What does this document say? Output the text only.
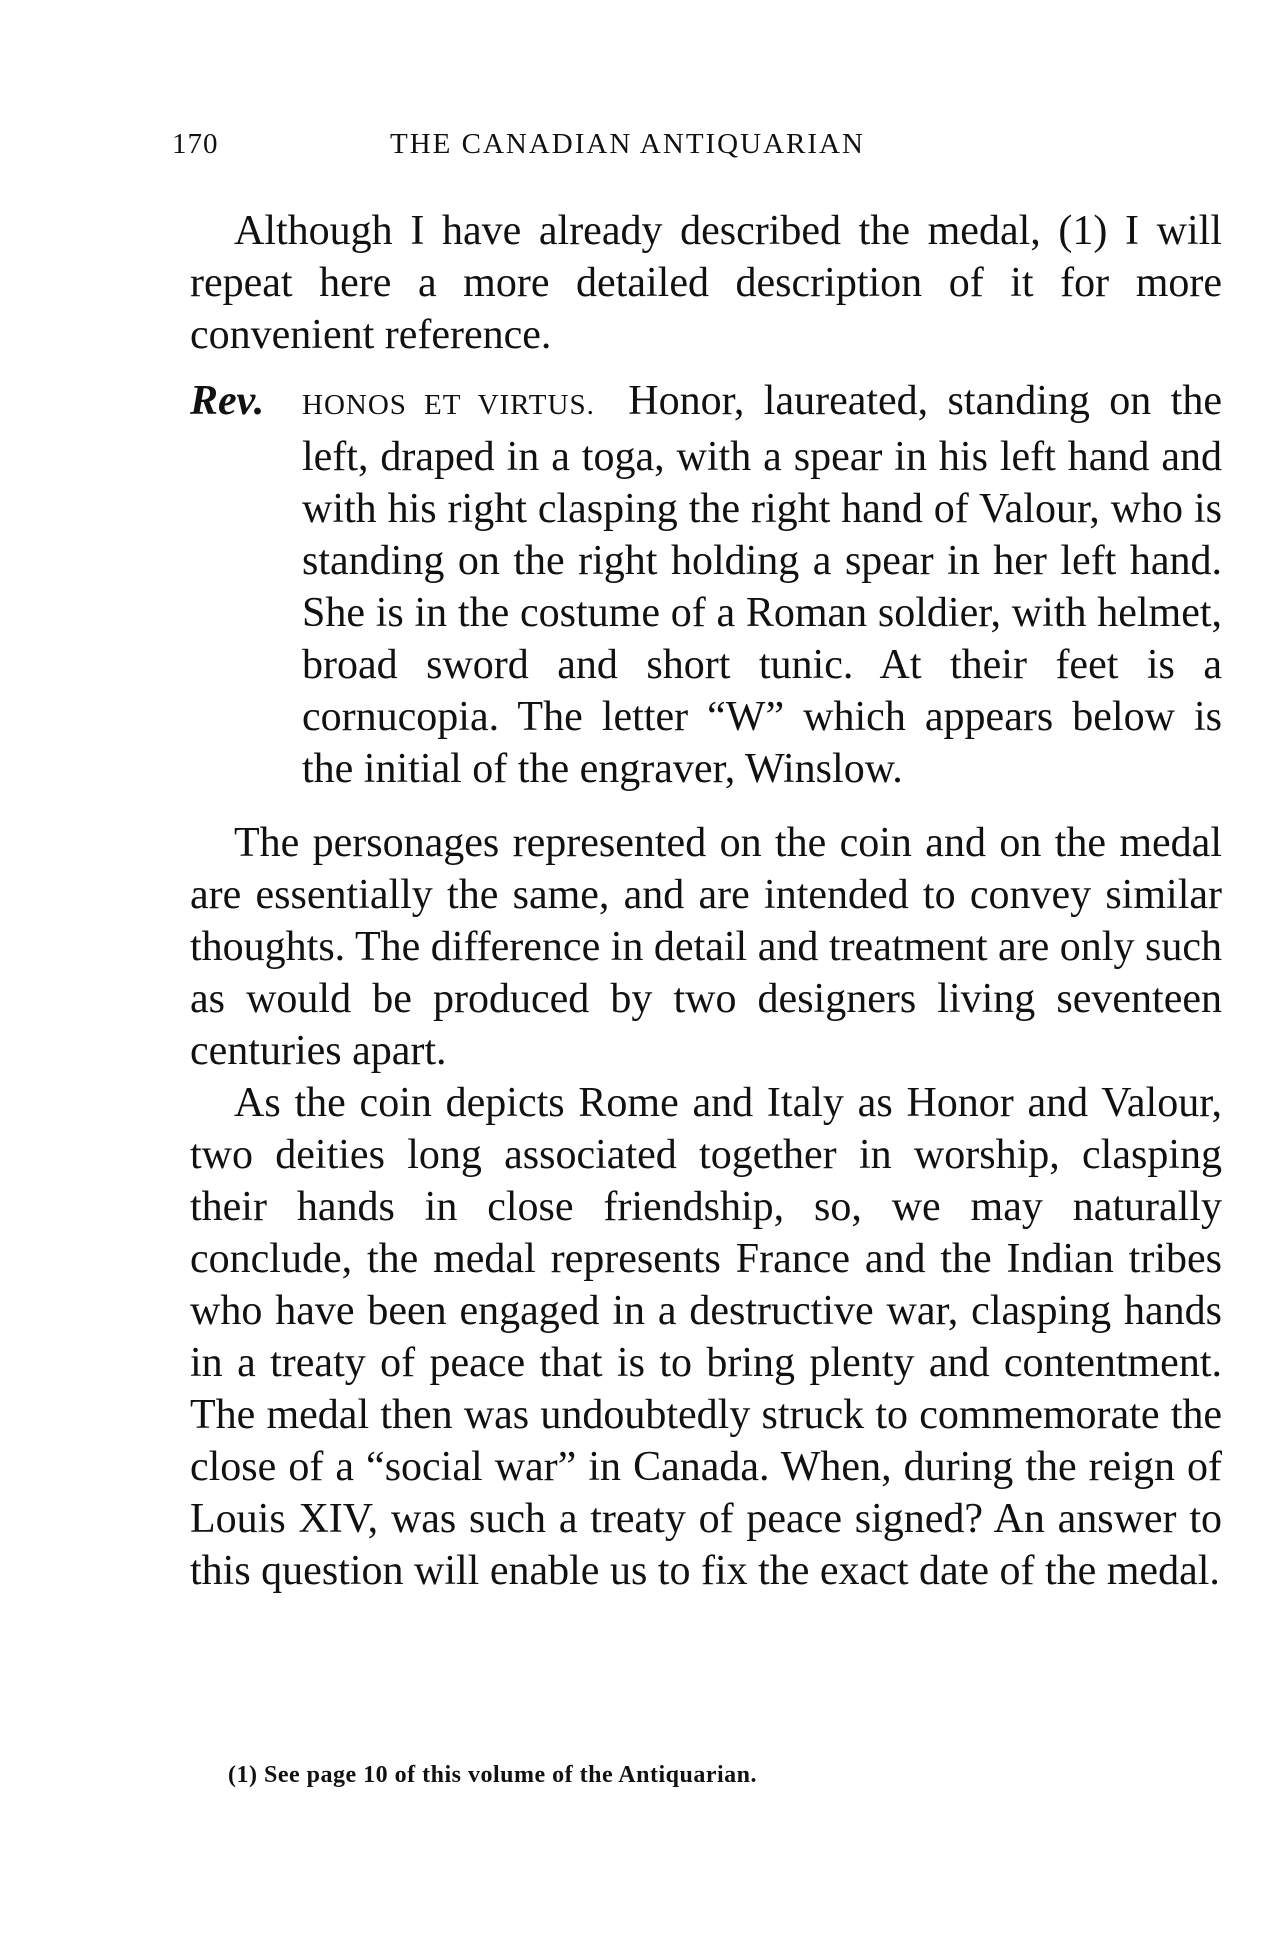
170	THE CANADIAN ANTIQUARIAN

Although I have already described the medal, (1) I will repeat here a more detailed description of it for more convenient reference.

Rev. HONOS ET VIRTUS. Honor, laureated, standing on the left, draped in a toga, with a spear in his left hand and with his right clasping the right hand of Valour, who is standing on the right holding a spear in her left hand. She is in the costume of a Roman soldier, with helmet, broad sword and short tunic. At their feet is a cornucopia. The letter “W” which appears below is the initial of the engraver, Winslow.

The personages represented on the coin and on the medal are essentially the same, and are intended to convey similar thoughts. The difference in detail and treatment are only such as would be produced by two designers living seventeen centuries apart.

As the coin depicts Rome and Italy as Honor and Valour, two deities long associated together in worship, clasping their hands in close friendship, so, we may naturally conclude, the medal represents France and the Indian tribes who have been engaged in a destructive war, clasping hands in a treaty of peace that is to bring plenty and contentment. The medal then was undoubtedly struck to commemorate the close of a “social war” in Canada. When, during the reign of Louis XIV, was such a treaty of peace signed? An answer to this question will enable us to fix the exact date of the medal.

(1) See page 10 of this volume of the Antiquarian.
